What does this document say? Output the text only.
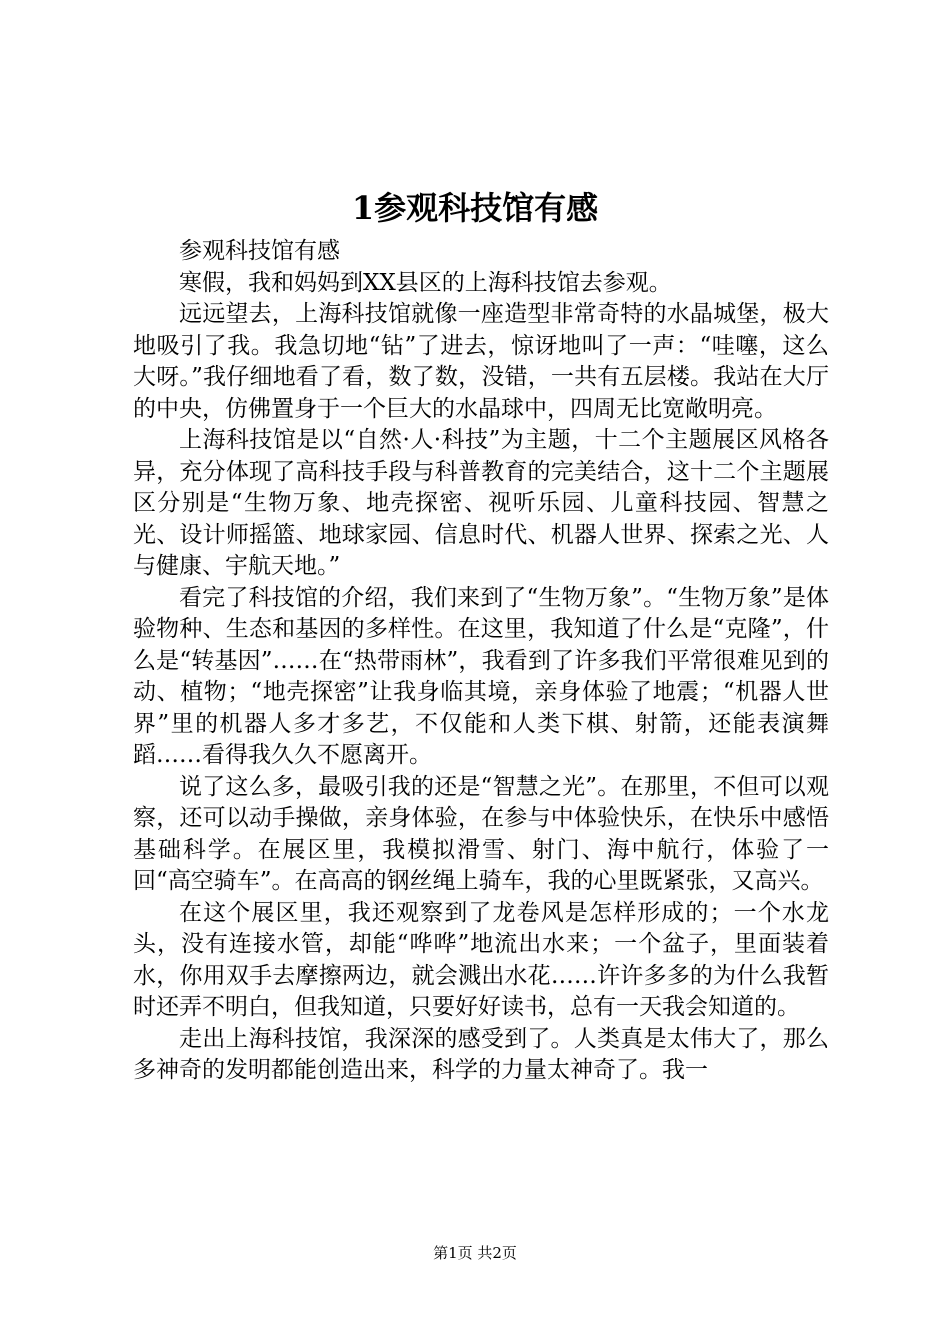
1参观科技馆有感

参观科技馆有感

寒假，我和妈妈到XX县区的上海科技馆去参观。

远远望去，上海科技馆就像一座造型非常奇特的水晶城堡，极大地吸引了我。我急切地“钻”了进去，惊讶地叫了一声：“哇噻，这么大呀。”我仔细地看了看，数了数，没错，一共有五层楼。我站在大厅的中央，仿佛置身于一个巨大的水晶球中，四周无比宽敞明亮。

上海科技馆是以“自然·人·科技”为主题，十二个主题展区风格各异，充分体现了高科技手段与科普教育的完美结合，这十二个主题展区分别是“生物万象、地壳探密、视听乐园、儿童科技园、智慧之光、设计师摇篮、地球家园、信息时代、机器人世界、探索之光、人与健康、宇航天地。”

看完了科技馆的介绍，我们来到了“生物万象”。“生物万象”是体验物种、生态和基因的多样性。在这里，我知道了什么是“克隆”，什么是“转基因”……在“热带雨林”，我看到了许多我们平常很难见到的动、植物；“地壳探密”让我身临其境，亲身体验了地震；“机器人世界”里的机器人多才多艺，不仅能和人类下棋、射箭，还能表演舞蹈……看得我久久不愿离开。

说了这么多，最吸引我的还是“智慧之光”。在那里，不但可以观察，还可以动手操做，亲身体验，在参与中体验快乐，在快乐中感悟基础科学。在展区里，我模拟滑雪、射门、海中航行，体验了一回“高空骑车”。在高高的钢丝绳上骑车，我的心里既紧张，又高兴。

在这个展区里，我还观察到了龙卷风是怎样形成的；一个水龙头，没有连接水管，却能“哗哗”地流出水来；一个盆子，里面装着水，你用双手去摩擦两边，就会溅出水花……许许多多的为什么我暂时还弄不明白，但我知道，只要好好读书，总有一天我会知道的。

走出上海科技馆，我深深的感受到了。人类真是太伟大了，那么多神奇的发明都能创造出来，科学的力量太神奇了。我一

第1页 共2页
